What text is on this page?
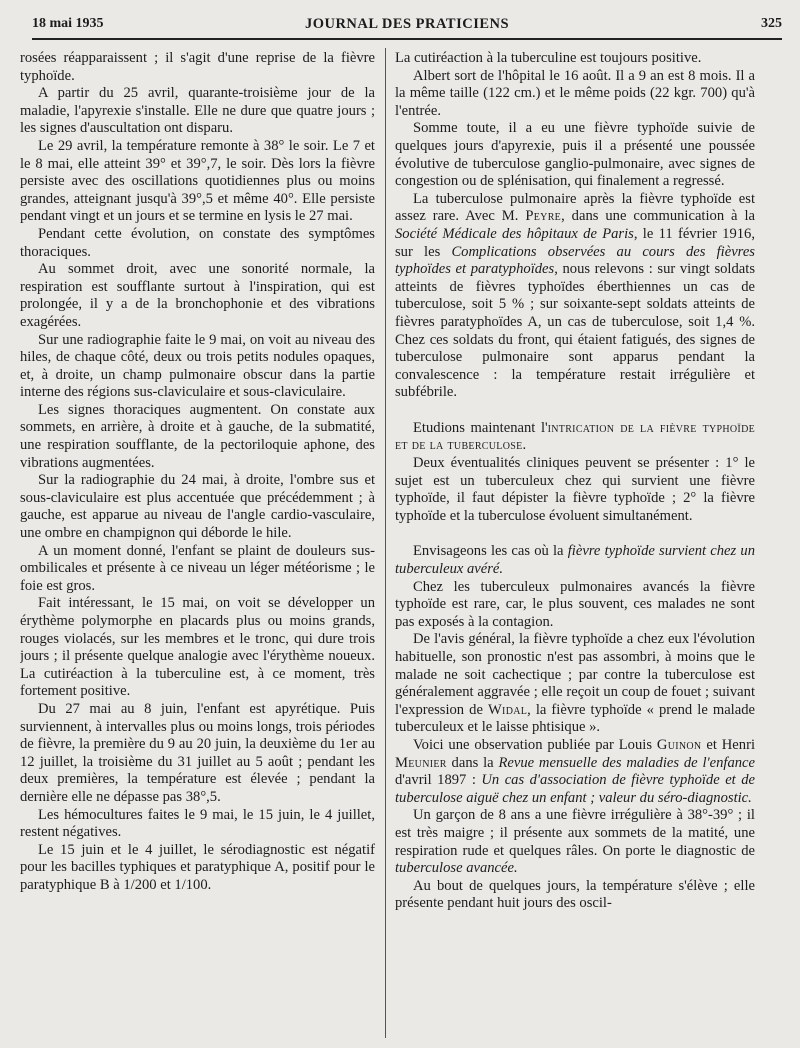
18 mai 1935	JOURNAL DES PRATICIENS	325

rosées réapparaissent ; il s'agit d'une reprise de la fièvre typhoïde.

A partir du 25 avril, quarante-troisième jour de la maladie, l'apyrexie s'installe. Elle ne dure que quatre jours ; les signes d'auscultation ont disparu.

Le 29 avril, la température remonte à 38° le soir. Le 7 et le 8 mai, elle atteint 39° et 39°,7, le soir. Dès lors la fièvre persiste avec des oscillations quotidiennes plus ou moins grandes, atteignant jusqu'à 39°,5 et même 40°. Elle persiste pendant vingt et un jours et se termine en lysis le 27 mai.

Pendant cette évolution, on constate des symptômes thoraciques.

Au sommet droit, avec une sonorité normale, la respiration est soufflante surtout à l'inspiration, qui est prolongée, il y a de la bronchophonie et des vibrations exagérées.

Sur une radiographie faite le 9 mai, on voit au niveau des hiles, de chaque côté, deux ou trois petits nodules opaques, et, à droite, un champ pulmonaire obscur dans la partie interne des régions sus-claviculaire et sous-claviculaire.

Les signes thoraciques augmentent. On constate aux sommets, en arrière, à droite et à gauche, de la submatité, une respiration soufflante, de la pectoriloquie aphone, des vibrations augmentées.

Sur la radiographie du 24 mai, à droite, l'ombre sus et sous-claviculaire est plus accentuée que précédemment ; à gauche, est apparue au niveau de l'angle cardio-vasculaire, une ombre en champignon qui déborde le hile.

A un moment donné, l'enfant se plaint de douleurs sus-ombilicales et présente à ce niveau un léger météorisme ; le foie est gros.

Fait intéressant, le 15 mai, on voit se développer un érythème polymorphe en placards plus ou moins grands, rouges violacés, sur les membres et le tronc, qui dure trois jours ; il présente quelque analogie avec l'érythème noueux. La cutiréaction à la tuberculine est, à ce moment, très fortement positive.

Du 27 mai au 8 juin, l'enfant est apyrétique. Puis surviennent, à intervalles plus ou moins longs, trois périodes de fièvre, la première du 9 au 20 juin, la deuxième du 1er au 12 juillet, la troisième du 31 juillet au 5 août ; pendant les deux premières, la température est élevée ; pendant la dernière elle ne dépasse pas 38°,5.

Les hémocultures faites le 9 mai, le 15 juin, le 4 juillet, restent négatives.

Le 15 juin et le 4 juillet, le sérodiagnostic est négatif pour les bacilles typhiques et paratyphique A, positif pour le paratyphique B à 1/200 et 1/100.

La cutiréaction à la tuberculine est toujours positive.

Albert sort de l'hôpital le 16 août. Il a 9 an est 8 mois. Il a la même taille (122 cm.) et le même poids (22 kgr. 700) qu'à l'entrée.

Somme toute, il a eu une fièvre typhoïde suivie de quelques jours d'apyrexie, puis il a présenté une poussée évolutive de tuberculose ganglio-pulmonaire, avec signes de congestion ou de splénisation, qui finalement a regressé.

La tuberculose pulmonaire après la fièvre typhoïde est assez rare. Avec M. Peyre, dans une communication à la Société Médicale des hôpitaux de Paris, le 11 février 1916, sur les Complications observées au cours des fièvres typhoïdes et paratyphoïdes, nous relevons : sur vingt soldats atteints de fièvres typhoïdes éberthiennes un cas de tuberculose, soit 5 % ; sur soixante-sept soldats atteints de fièvres paratyphoïdes A, un cas de tuberculose, soit 1,4 %. Chez ces soldats du front, qui étaient fatigués, des signes de tuberculose pulmonaire sont apparus pendant la convalescence : la température restait irrégulière et subfébrile.

Etudions maintenant l'intrication de la fièvre typhoïde et de la tuberculose.

Deux éventualités cliniques peuvent se présenter : 1° le sujet est un tuberculeux chez qui survient une fièvre typhoïde, il faut dépister la fièvre typhoïde ; 2° la fièvre typhoïde et la tuberculose évoluent simultanément.

Envisageons les cas où la fièvre typhoïde survient chez un tuberculeux avéré.

Chez les tuberculeux pulmonaires avancés la fièvre typhoïde est rare, car, le plus souvent, ces malades ne sont pas exposés à la contagion.

De l'avis général, la fièvre typhoïde a chez eux l'évolution habituelle, son pronostic n'est pas assombri, à moins que le malade ne soit cachectique ; par contre la tuberculose est généralement aggravée ; elle reçoit un coup de fouet ; suivant l'expression de Widal, la fièvre typhoïde « prend le malade tuberculeux et le laisse phtisique ».

Voici une observation publiée par Louis Guinon et Henri Meunier dans la Revue mensuelle des maladies de l'enfance d'avril 1897 : Un cas d'association de fièvre typhoïde et de tuberculose aiguë chez un enfant ; valeur du séro-diagnostic.

Un garçon de 8 ans a une fièvre irrégulière à 38°-39° ; il est très maigre ; il présente aux sommets de la matité, une respiration rude et quelques râles. On porte le diagnostic de tuberculose avancée.

Au bout de quelques jours, la température s'élève ; elle présente pendant huit jours des oscil-
